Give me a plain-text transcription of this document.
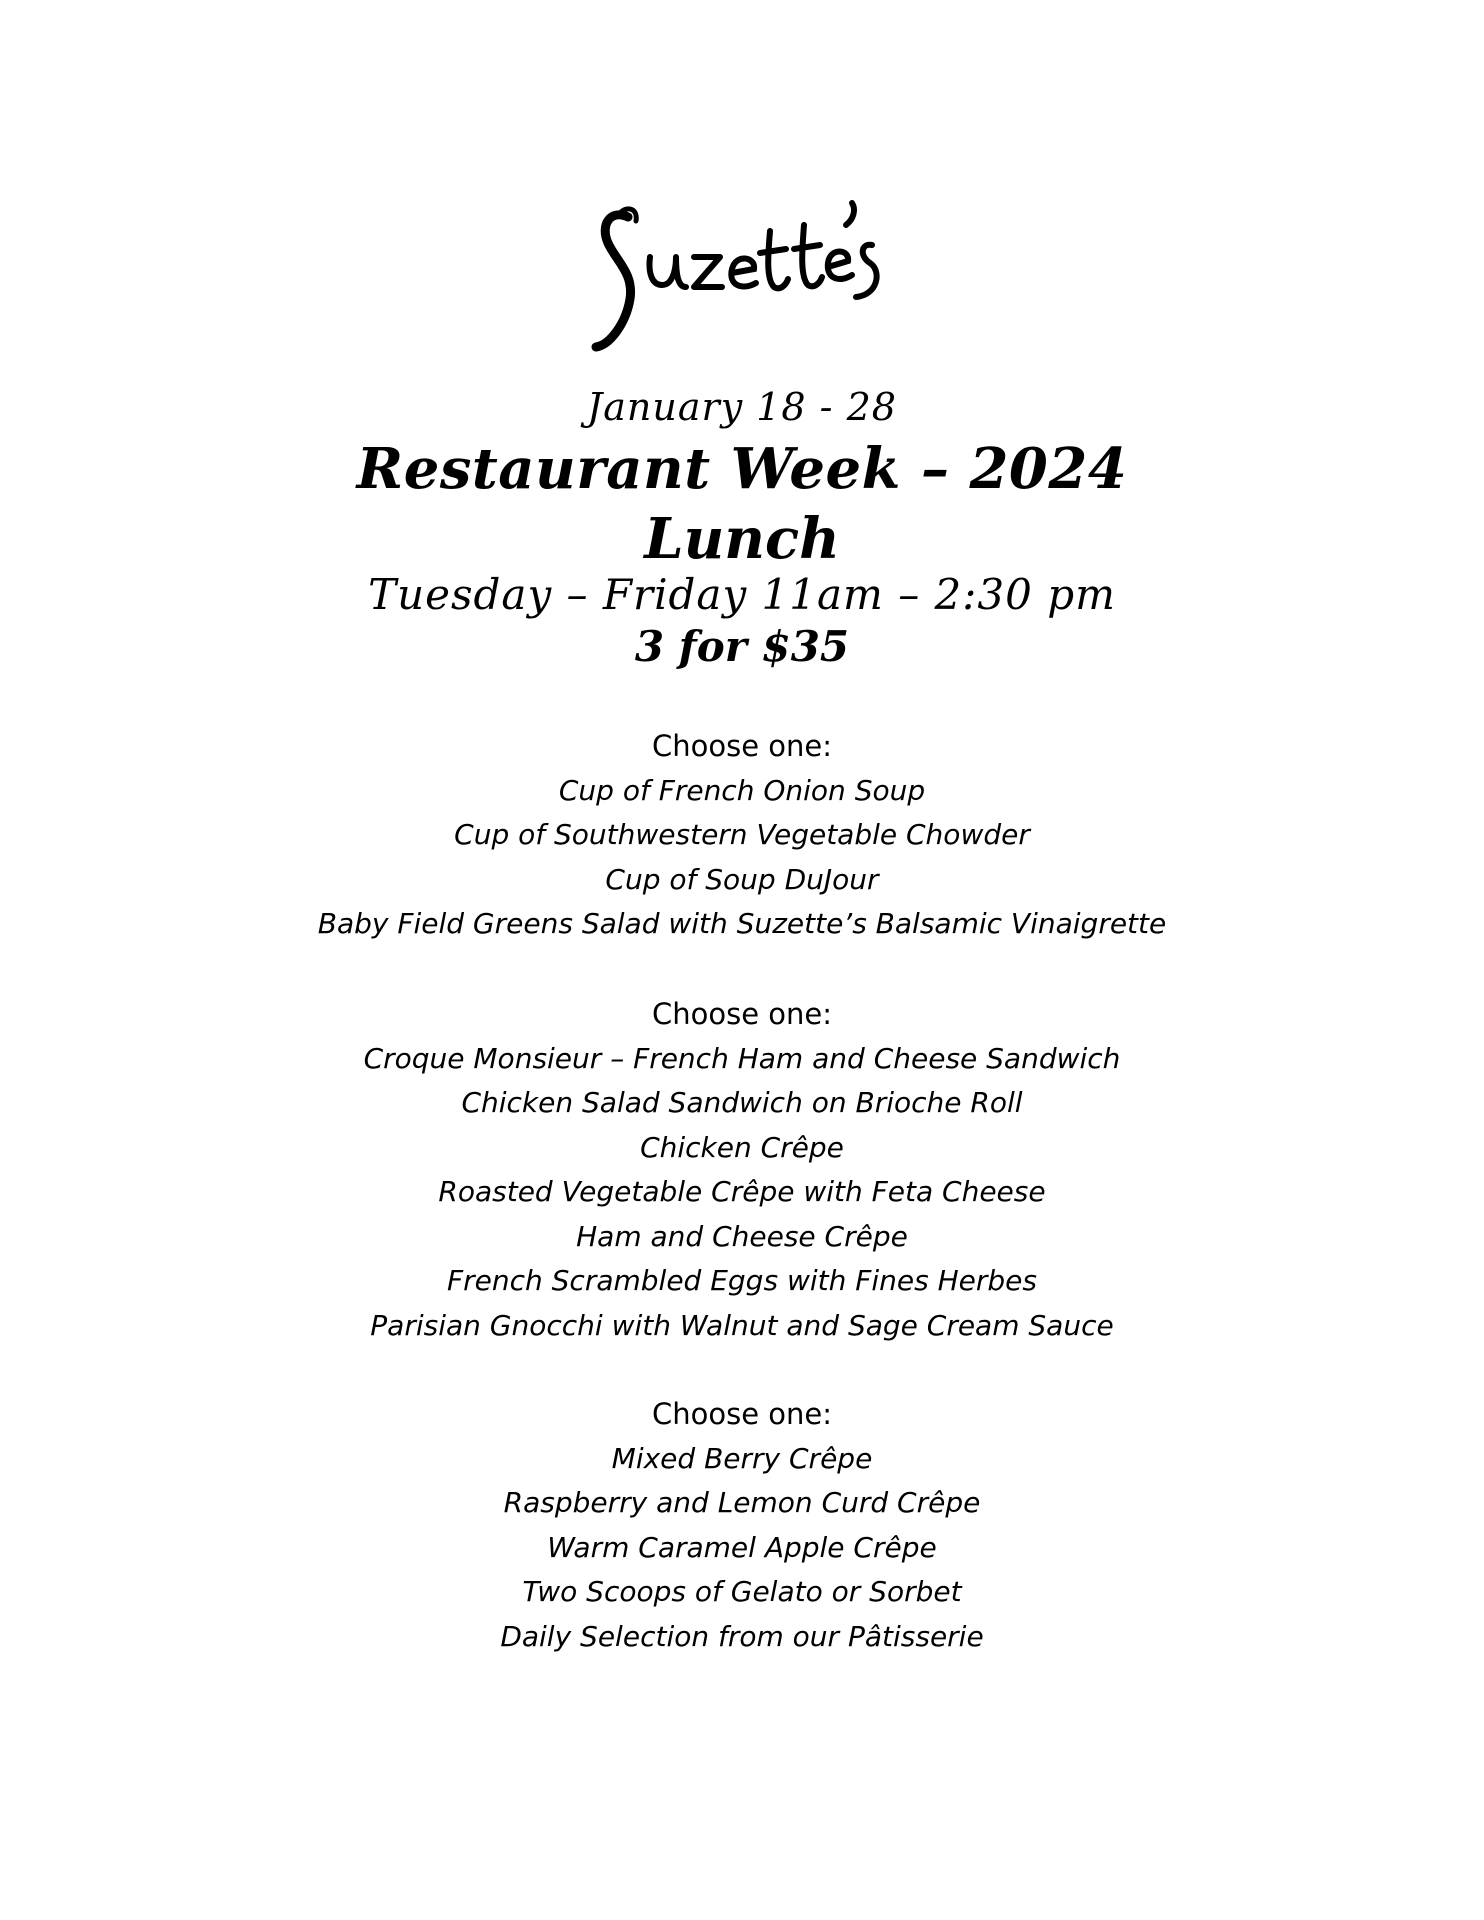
January 18 - 28
Restaurant Week – 2024
Lunch
Tuesday – Friday 11am – 2:30 pm
3 for $35
Choose one:
Cup of French Onion Soup
Cup of Southwestern Vegetable Chowder
Cup of Soup DuJour
Baby Field Greens Salad with Suzette’s Balsamic Vinaigrette
Choose one:
Croque Monsieur – French Ham and Cheese Sandwich
Chicken Salad Sandwich on Brioche Roll
Chicken Crêpe
Roasted Vegetable Crêpe with Feta Cheese
Ham and Cheese Crêpe
French Scrambled Eggs with Fines Herbes
Parisian Gnocchi with Walnut and Sage Cream Sauce
Choose one:
Mixed Berry Crêpe
Raspberry and Lemon Curd Crêpe
Warm Caramel Apple Crêpe
Two Scoops of Gelato or Sorbet
Daily Selection from our Pâtisserie
